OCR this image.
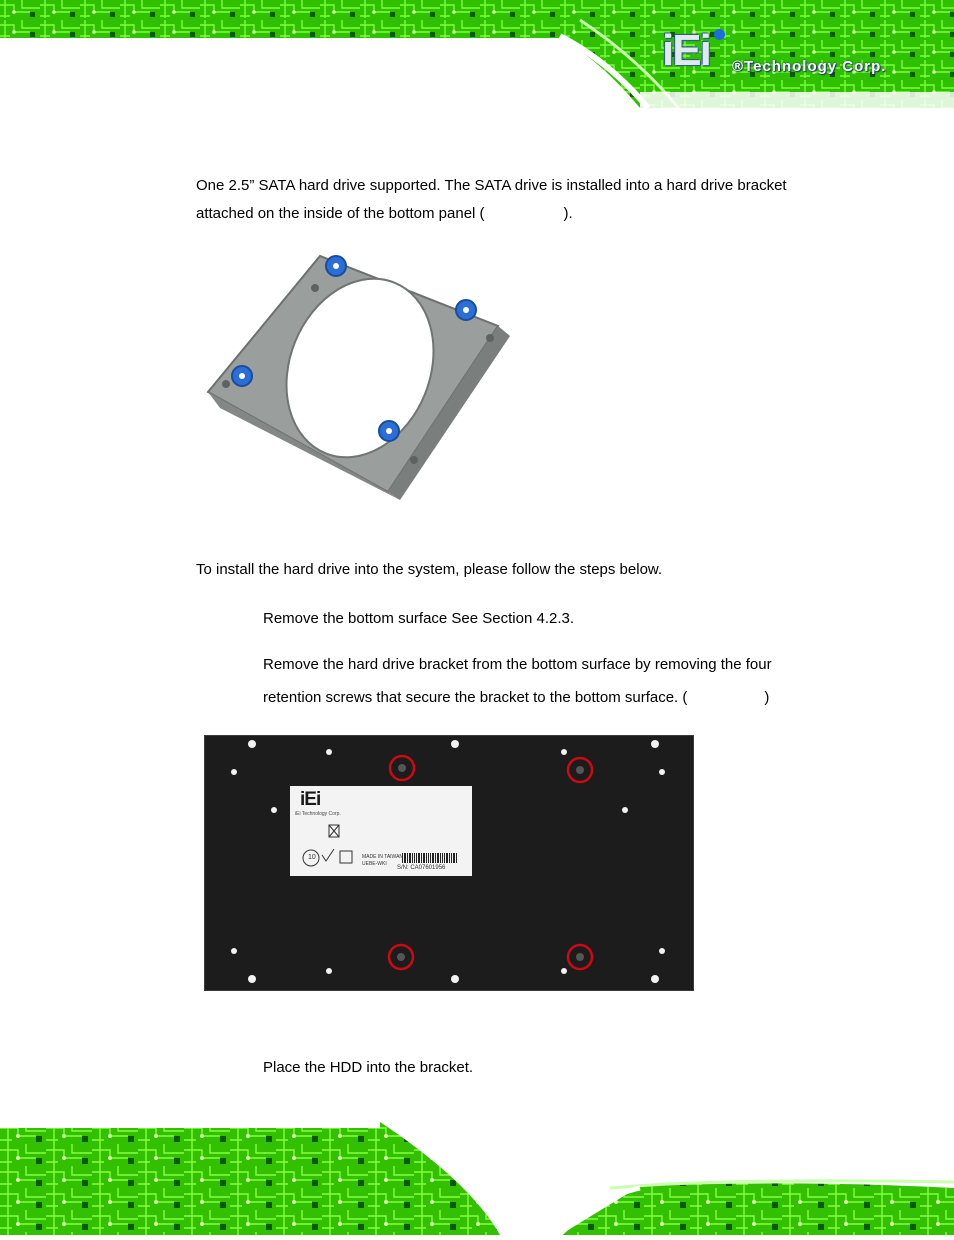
iEi ®Technology Corp.
One 2.5” SATA hard drive supported. The SATA drive is installed into a hard drive bracket
attached on the inside of the bottom panel (	).
To install the hard drive into the system, please follow the steps below.
Remove the bottom surface See Section 4.2.3.
Remove the hard drive bracket from the bottom surface by removing the four
retention screws that secure the bracket to the bottom surface. (	)
iEi
iEi Technology Corp.
10	MADE IN TAIWAN
UEBE-WKI
S/N: CA07601956
Place the HDD into the bracket.
